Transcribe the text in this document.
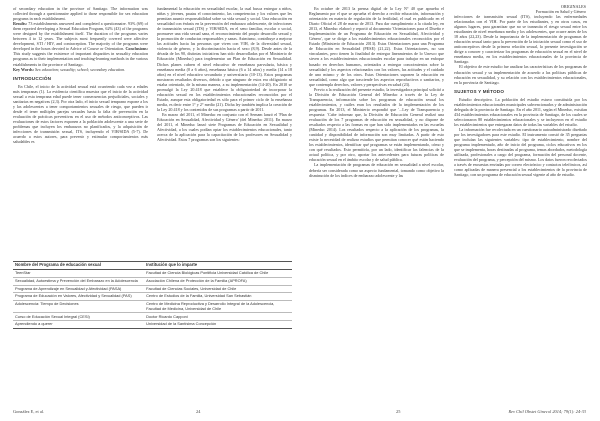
ORIGINALES
Formación en Salud y Género

of secondary education in the province of Santiago. The information was collected through a questionnaire applied to those responsible for sex education programs in each establishment.

Results: 73 establishments answered and completed a questionnaire. 93% (69) of them reported developing a Sexual Education Program, 62% (43) of the programs were designed by the establishment itself. The duration of the programs varies between 4 to 12 years. The subjects most frequently covered were affective development, STI / HIV, and contraception. The majority of the programs were developed in the hours devoted to Advice of Course or Orientation. Conclusions: This study suggests the existence of important disparities in sexuality education programs as to their implementation and teaching-learning methods in the various establishments in the province of Santiago.

Key Words: Sex education; sexuality; school; secondary education.

INTRODUCCIÓN

En Chile, el inicio de la actividad sexual está ocurriendo cada vez a edades más tempranas (1). La evidencia científica muestra que el inicio de la actividad sexual a esta temprana edad puede tener consecuencias perjudiciales, sociales y sanitarias en negativas (2,3). Por otra lado, el inicio sexual temprano expone a los y las adolescentes a tener comportamientos sexuales de riesgo, que pueden ir desde el tener múltiples parejas sexuales hasta la falta de prevención en la evaluación de prácticas preventivas en el uso de métodos anticonceptivos. Las evaluaciones de estos factores exponen a la población adolescente a una serie de problemas que incluyen los embarazos no planificados, y la adquisición de infecciones de transmisión sexual, ITS, incluyendo el VIH/SIDA (5-7). De acuerdo a estos autores, para prevenir y estimular comportamientos más saludables es

fundamental la educación en sexualidad escolar, la cual busca entregar a niños, niñas y jóvenes, pautas el conocimiento, las competencias y los valores que les permitan asumir responsabilidad sobre su vida sexual y social. Una educación en sexualidad con énfasis en la prevención del embarazo adolescente, de infecciones de transmisión sexual (ITS) y VIH/SIDA, en el seno familiar, escolar o social, promueve una vida sexual sana, el reconocimiento del propio desarrollo sexual y la promoción de conductas responsables y sanas. Asimismo, contribuye a mejorar las actitudes hacia las personas que viven con VIH, de la diversidad sexual, violencia de género, y la discriminación hacia el sexo (8,9). Desde antes de la década de los 90, distintas iniciativas han sido desarrolladas por el Ministerio de Educación (Mineduc) para implementar un Plan de Educación en Sexualidad. Dichos planes cubren el nivel educativo de enseñanza parvularia, básica y enseñanza media (0 a 6 años), enseñanza básica (6 a 14 años) y media (14 a 18 años) en el nivel educativo secundario y universitario (10-13). Estos programas mostraron resultados diversos, debido a que ninguno de estos era obligatorio ni estaba orientado, de la misma manera, a su implementación (14-20). En 2010 se promulgó la Ley 20.418 que establece la obligatoriedad de incorporar la educación sexual en los establecimientos educacionales reconocidos por el Estado, aunque esta obligatoriedad es sólo para el primer ciclo de la enseñanza media, es decir entre 1° y 2° medio (21). Dicha ley también implica la creación de la Ley 20.418 y los contenidos de sus programas a partir de 2011.

En marzo del 2011, el Mineduc en conjunto con el Sernam lanzó el 'Plan de Educación en Sexualidad, Afectividad y Género' (del Mineduc 2011). En marzo del 2011, el Mineduc lanzó siete Programas de Educación en Sexualidad y Afectividad, a los cuales podían optar los establecimientos educacionales, tanto acerca de la aplicación para la capacitación de los profesores en Sexualidad y Afectividad. Estos 7 programas son los siguientes:

En octubre de 2013 la prensa digital de la Ley N° 40 que aprueba el Reglamento por el que se aprueba el derecho a recibir educación, información y orientación en materia de regulación de la fertilidad, el cual es publicado en el Diario Oficial el 28 de marzo de 2013. Para dar cumplimiento a la citada ley, en 2013, el Mineduc elaboró y reportó al documento 'Orientaciones para el Diseño e Implementación de un Programa de Educación en Sexualidad, Afectividad y Género', que se dirige a los establecimientos educacionales reconocidos por el Estado (Ministerio de Educación 2013). Estas Orientaciones para una Programa de Educación en Sexualidad (PESE) (21,22). Estas Orientaciones, no son vinculantes, pero tienen la finalidad de entregar lineamientos de lo Unesco que sirven a los establecimientos educacionales escolar para trabajar en un enfoque basado en derechos humanos, orientados a entregar conocimientos sobre la sexualidad y los aspectos relacionados con los valores, las actitudes y el cuidado de uno mismo y de los otros. Estas Orientaciones suponen la educación en sexualidad, como algo que trasciende los aspectos reproductivos o sanitarios, y que contempla derechos, valores y perspectivas en salud (23).

Previo a la realización del presente estudio, la investigadora principal solicitó a la División de Educación General del Mineduc a través de la Ley de Transparencia, información sobre los programas de educación sexual los establecimientos, y cuáles eran los resultados de la implementación de los programas. En 2013, el Ministerio respondió que '...Ley de Transparencia y respuesta: 'Cabe informar que, la División de Educación General realizó una evaluación de los 7 programas de educación en sexualidad, y no dispone de resultados respecto a las formas en que han sido implementados en las escuelas (Mineduc 2014). Los resultados respecto a la aplicación de los programas, la cantidad y disponibilidad de información son muy limitadas. A partir de esto existe la necesidad de realizar estudios que permitan conocer qué están haciendo los establecimientos, identificar qué programas se están implementando, cómo y con qué resultados. Esto permitiría, por un lado, identificar las falencias de la actual política, y por otro, aportar los antecedentes para futuras políticas de educación sexual en el ámbito escolar y de salud pública.

La implementación de programas de educación en sexualidad a nivel escolar, debería ser considerada como un aspecto fundamental, tomando como objetivo la disminución de los índices de embarazo adolescente y las

infecciones de transmisión sexual (ITS), incluyendo las enfermedades relacionadas con el VIH. Por parte de los estudiantes, y en otros casos, en algunos lugares, para garantizar que no se transmita el riesgo sexual entre los estudiantes de nivel enseñanza media y los adolescentes, que ocurre antes de los 18 años (22,23). Desde la importancia de la implementación de programas de educación sexual tanto para la prevención de la iniciación sexual como el uso de anticonceptivos desde la primera relación sexual, la presente investigación se dirige a conocer y caracterizar los programas de educación sexual en el nivel de enseñanza media, en los establecimientos educacionales de la provincia de Santiago.

El objetivo de este estudio fue analizar las características de los programas de educación sexual y su implementación de acuerdo a las políticas públicas de educación en sexualidad, y su relación con los establecimientos educacionales, en la provincia de Santiago.

SUJETOS Y MÉTODO

Estudio descriptivo. La población del estudio estuvo constituida por los establecimientos educacionales municipales subvencionados y de administración delegada de la provincia de Santiago. En el año 2011, según el Mineduc, existían 434 establecimientos educacionales en la provincia de Santiago, de los cuales se seleccionaron 80 establecimientos educacionales y se incluyeron en el estudio los establecimientos que entregaran datos de todas las variables del estudio.

La información fue recolectada en un cuestionario autoadministrado diseñado por los investigadores para este estudio. El instrumento constó de 35 preguntas que incluían las siguientes variables: tipo de establecimiento, nombre del programa implementado, año de inicio del programa, ciclos educativos en los que se implementa, horas destinadas al programa, temas abordados, metodología utilizada, profesionales a cargo del programa, formación del personal docente, evaluación del programa, y percepción del mismo. Los datos fueron recolectados a través de encuestas enviadas por correo electrónico y contactos telefónicos, así como aplicadas de manera presencial a los establecimientos de la provincia de Santiago, con un programa de educación sexual vigente al año de estudio.

Nombre del Programa de educación sexual	Institución que lo imparte
TeenStar	Facultad de Ciencia Biológicas Pontificia Universidad Católica de Chile
Sexualidad, Autoestima y Prevención del Embarazo en la Adolescencia	Asociación Chilena de Protección de la Familia (APROFA)
Programa de Aprendizaje en Sexualidad y Afectividad (PASA)	Facultad de Ciencias Sociales, Universidad de Chile
Programa de Educación en Valores, Afectividad y Sexualidad (PAS)	Centro de Estudios de la Familia, Universidad San Sebastián
Adolescencia: Tiempo de Decisiones	Centro de Medicina Reproductiva y Desarrollo Integral de la Adolescencia, Facultad de Medicina, Universidad de Chile
Curso de Educación Sexual Integral (CESI)	Doctor Ricardo Capponi
Aprendiendo a querer	Universidad de la Santísima Concepción
González E, et al.	24	25	Rev Chil Obstet Ginecol 2014; 79(1): 24-33
